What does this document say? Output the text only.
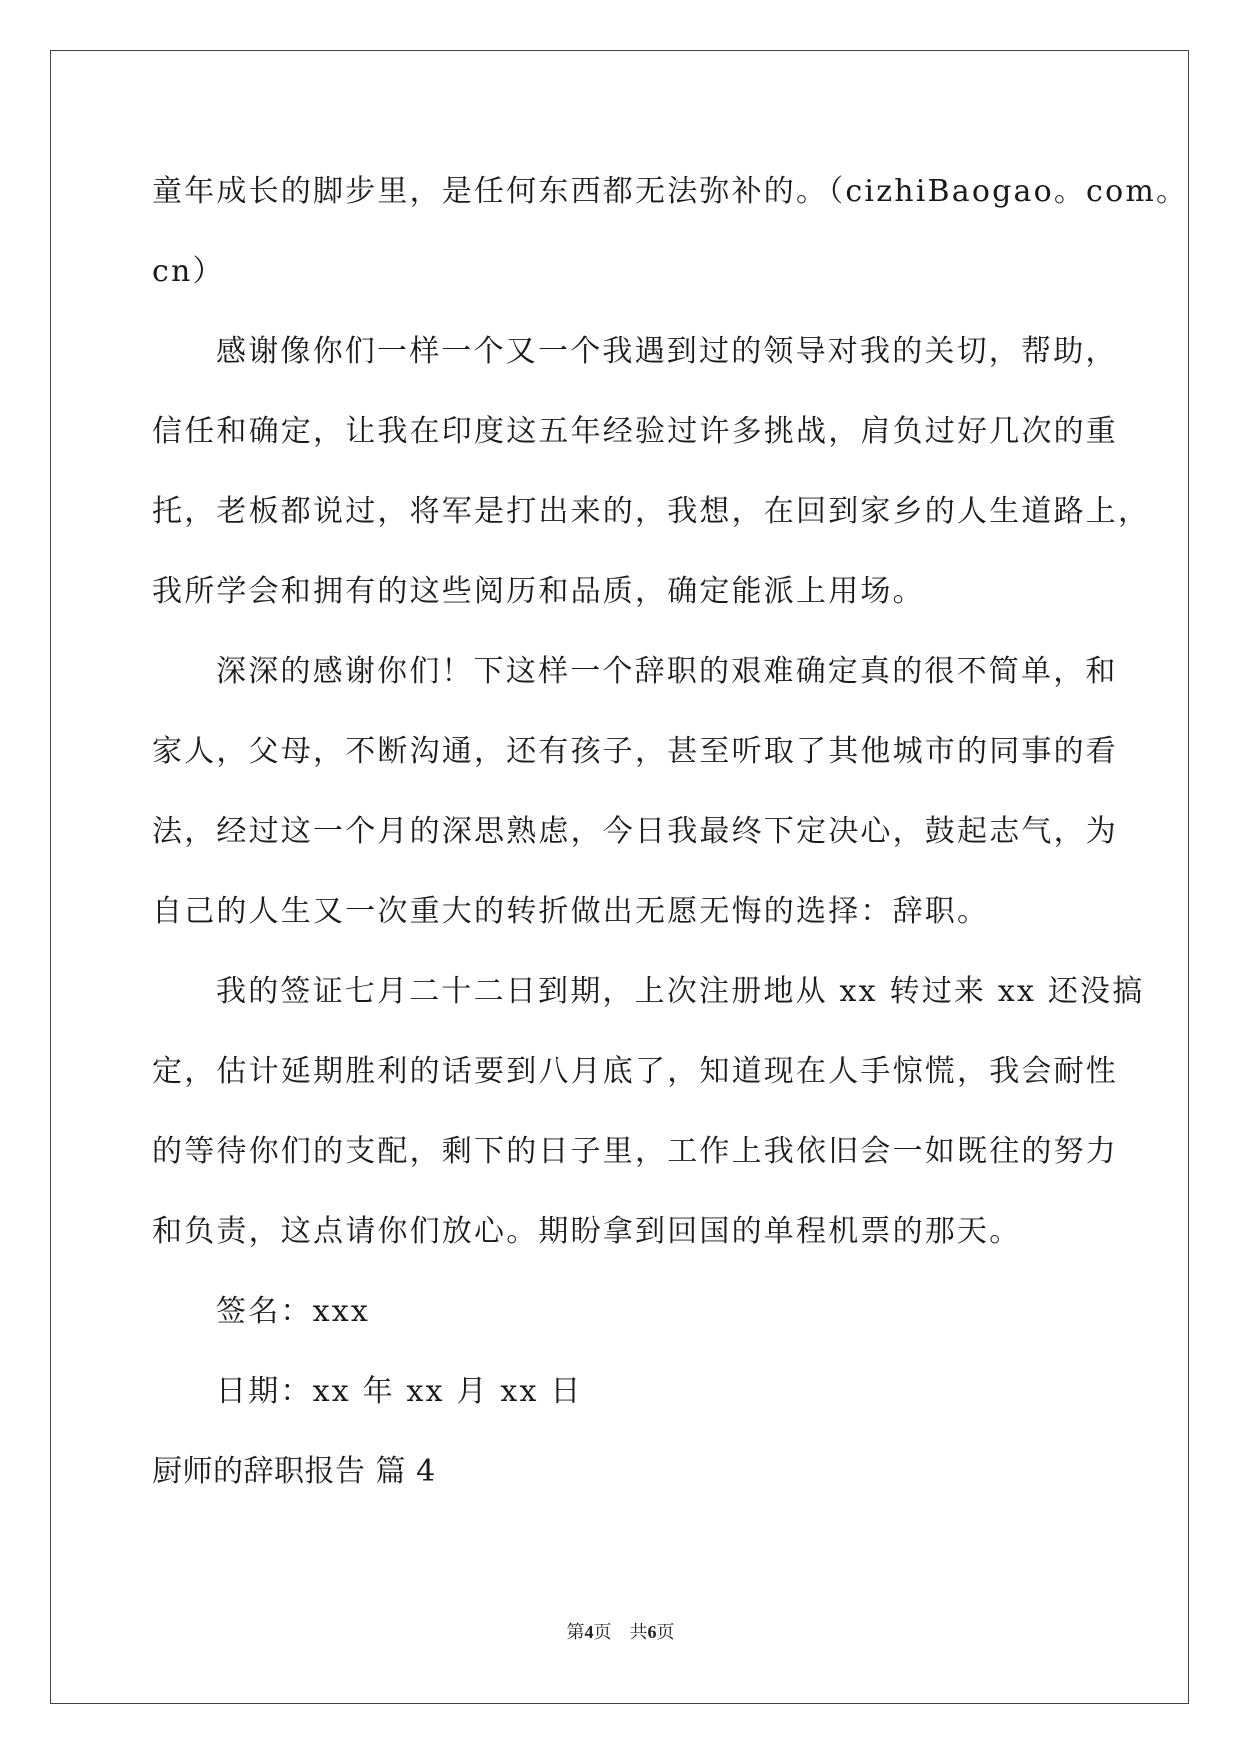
童年成长的脚步里，是任何东西都无法弥补的。（cizhiBaogao。com。
cn）
感谢像你们一样一个又一个我遇到过的领导对我的关切，帮助，
信任和确定，让我在印度这五年经验过许多挑战，肩负过好几次的重
托，老板都说过，将军是打出来的，我想，在回到家乡的人生道路上，
我所学会和拥有的这些阅历和品质，确定能派上用场。
深深的感谢你们！下这样一个辞职的艰难确定真的很不简单，和
家人，父母，不断沟通，还有孩子，甚至听取了其他城市的同事的看
法，经过这一个月的深思熟虑，今日我最终下定决心，鼓起志气，为
自己的人生又一次重大的转折做出无愿无悔的选择：辞职。
我的签证七月二十二日到期，上次注册地从 xx 转过来 xx 还没搞
定，估计延期胜利的话要到八月底了，知道现在人手惊慌，我会耐性
的等待你们的支配，剩下的日子里，工作上我依旧会一如既往的努力
和负责，这点请你们放心。期盼拿到回国的单程机票的那天。
签名：xxx
日期：xx 年 xx 月 xx 日
厨师的辞职报告 篇 4
第4页　共6页
